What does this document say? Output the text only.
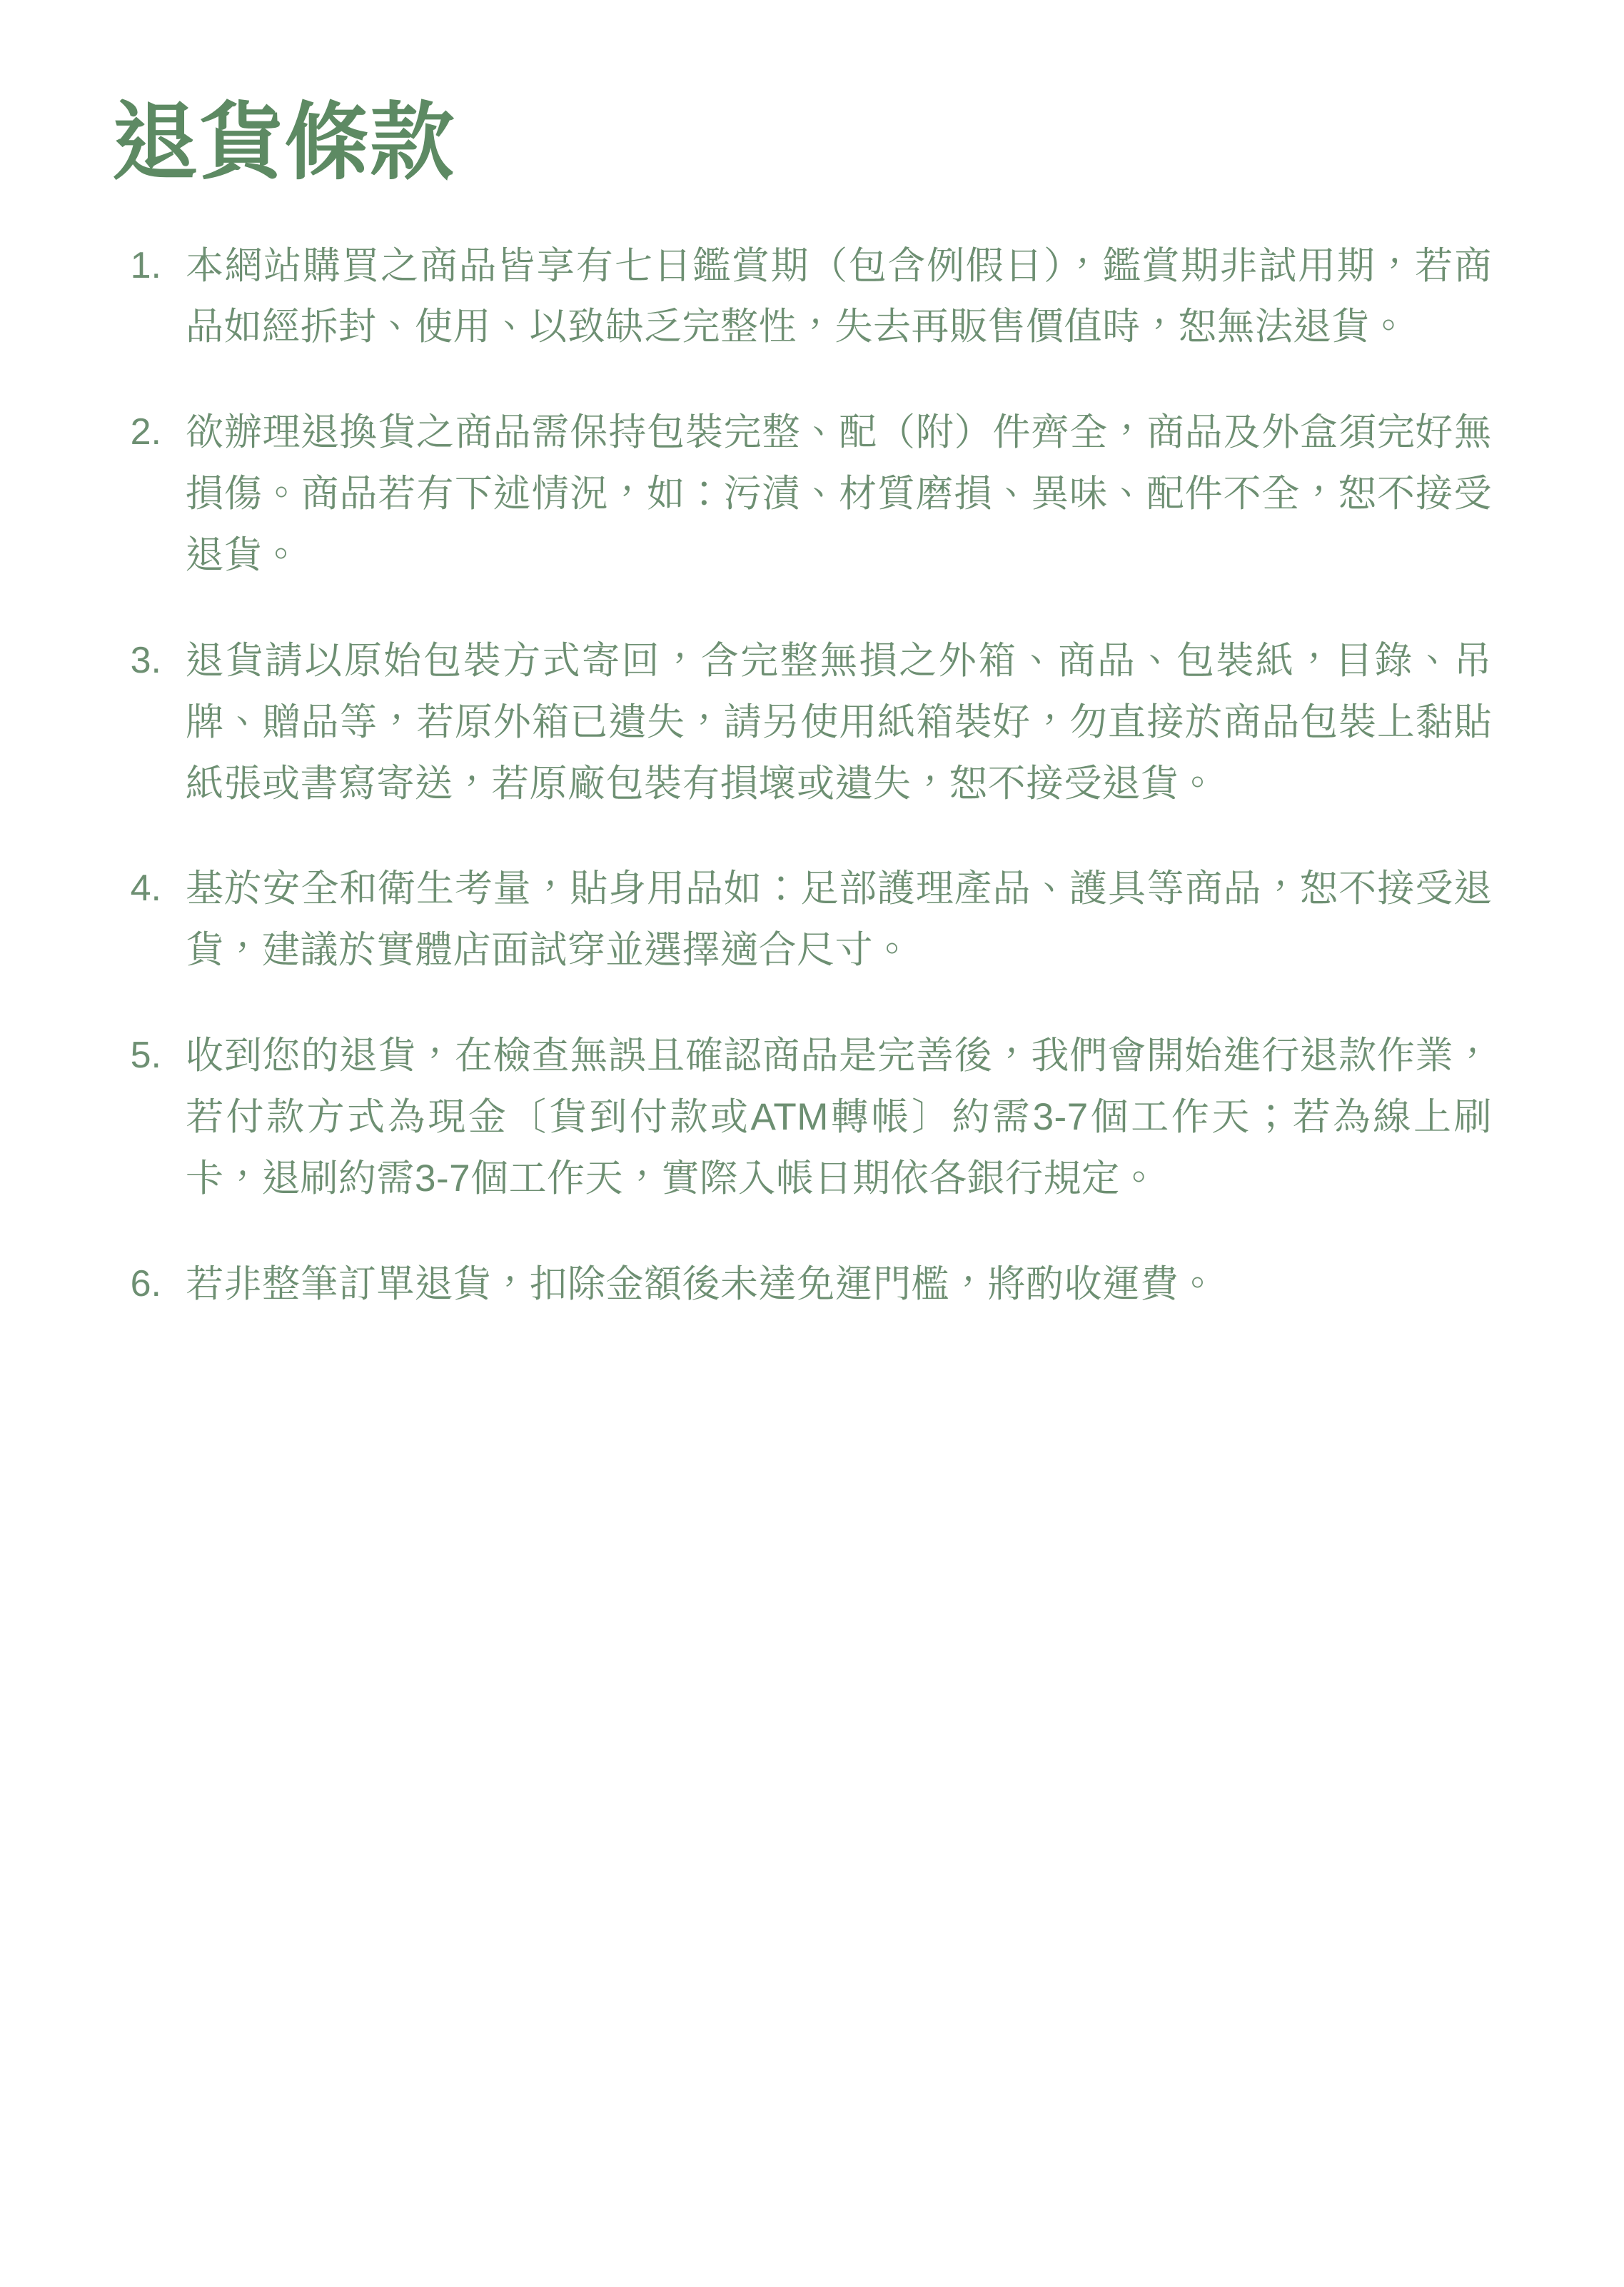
退貨條款
1. 本網站購買之商品皆享有七日鑑賞期（包含例假日），鑑賞期非試用期，若商品如經拆封、使用、以致缺乏完整性，失去再販售價值時，恕無法退貨。
2. 欲辦理退換貨之商品需保持包裝完整、配（附）件齊全，商品及外盒須完好無損傷。商品若有下述情況，如：污漬、材質磨損、異味、配件不全，恕不接受退貨。
3. 退貨請以原始包裝方式寄回，含完整無損之外箱、商品、包裝紙，目錄、吊牌、贈品等，若原外箱已遺失，請另使用紙箱裝好，勿直接於商品包裝上黏貼紙張或書寫寄送，若原廠包裝有損壞或遺失，恕不接受退貨。
4. 基於安全和衛生考量，貼身用品如：足部護理產品、護具等商品，恕不接受退貨，建議於實體店面試穿並選擇適合尺寸。
5. 收到您的退貨，在檢查無誤且確認商品是完善後，我們會開始進行退款作業，若付款方式為現金〔貨到付款或ATM轉帳〕約需3-7個工作天；若為線上刷卡，退刷約需3-7個工作天，實際入帳日期依各銀行規定。
6. 若非整筆訂單退貨，扣除金額後未達免運門檻，將酌收運費。
